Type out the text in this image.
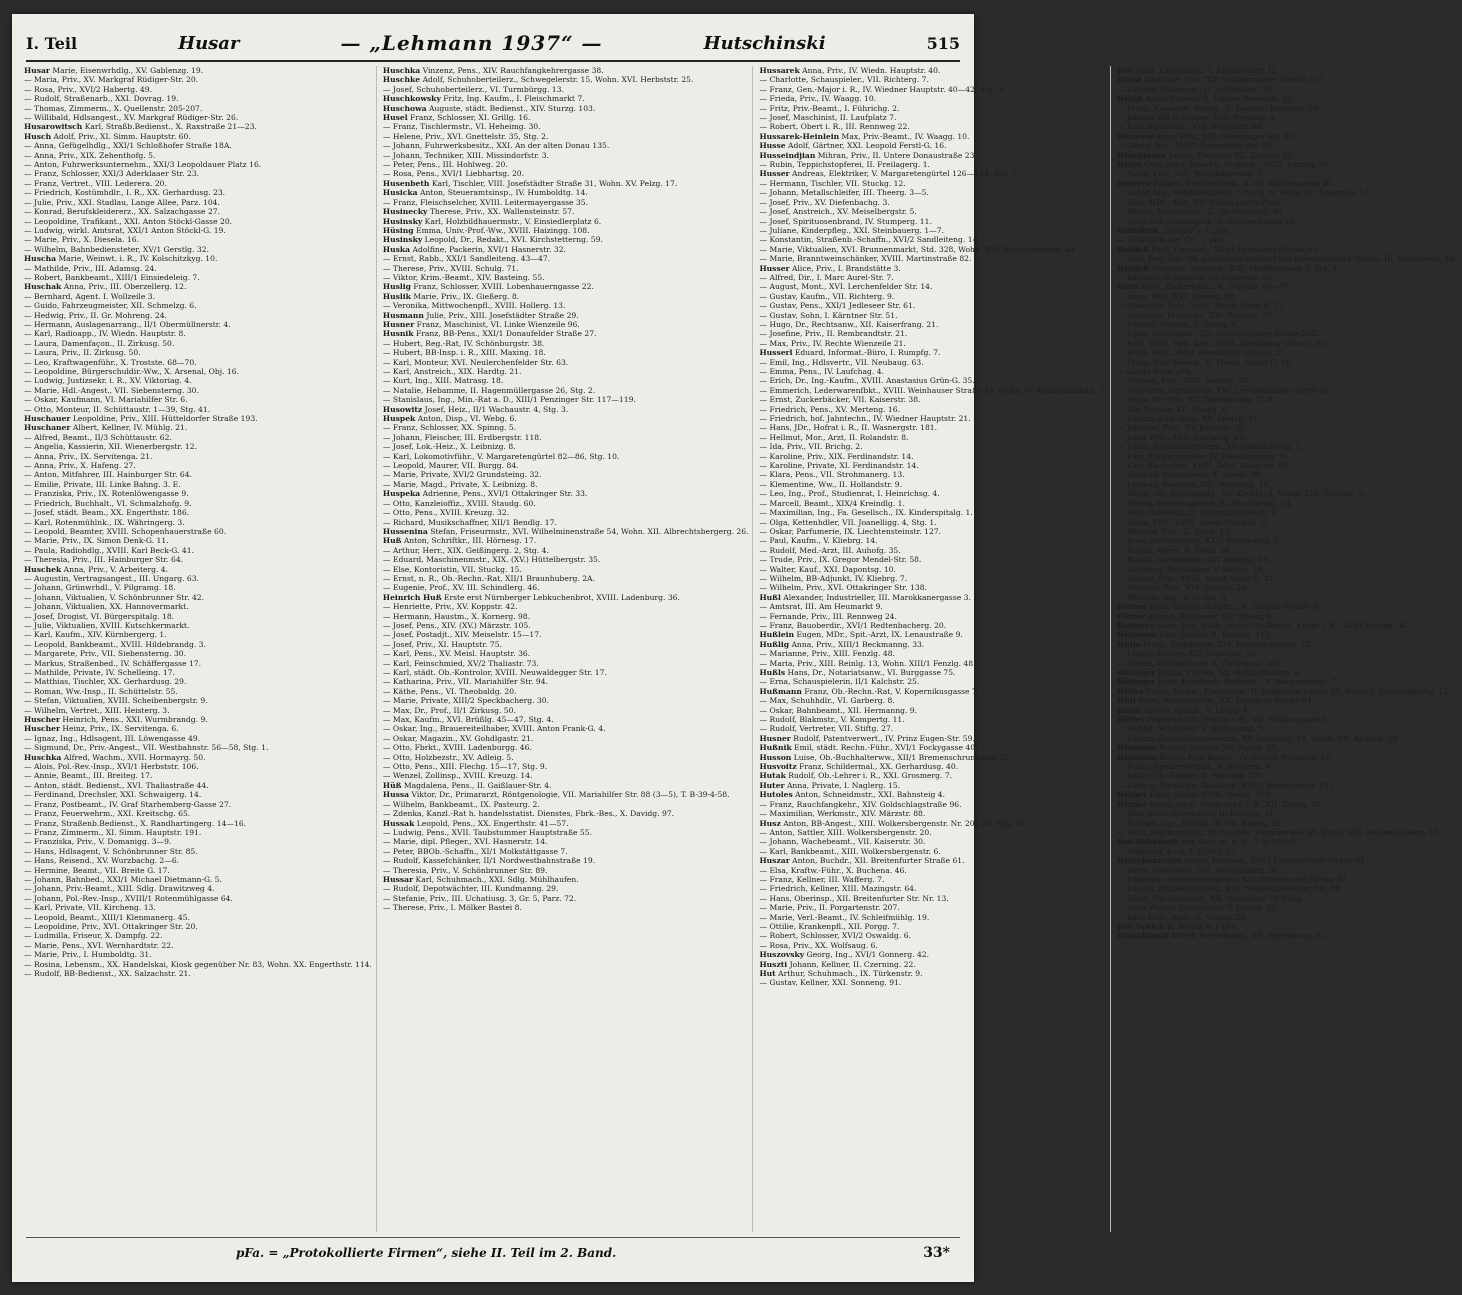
I. Teil	Husar	— „Lehmann 1937“ —	Hutschinski	515
Husar Marie, Eisenwrhdlg., XV. Gablenzg. 19.
— Maria, Priv., XV. Markgraf Rüdiger-Str. 20.
— Rosa, Priv., XVI/2 Habertg. 49.
— Rudolf, Straßenarb., XXI. Dovrag. 19.
— Thomas, Zimmerm., X. Quellenstr. 205-207.
— Willibald, Hdlsangest., XV. Markgraf Rüdiger-Str. 26.
Husarowitsch Karl, Straßb.Bedienst., X. Raxstraße 21—23.
Husch Adolf, Priv., XI. Simm. Hauptstr. 60.
— Anna, Gefügelhdlg., XXI/1 Schloßhofer Straße 18A.
— Anna, Priv., XIX. Zehenthofg. 5.
— Anton, Fuhrwerksunternehm., XXI/3 Leopoldauer Platz 16.
— Franz, Schlosser, XXI/3 Aderklaaer Str. 23.
— Franz, Vertret., VIII. Lederera. 20.
— Friedrich, Kostümhdlr., I. R., XX. Gerhardusg. 23.
— Julie, Priv., XXI. Stadlau, Lange Allee, Parz. 104.
— Konrad, Berufskleidererz., XX. Salzachgasse 27.
— Leopoldine, Trafikant., XXI. Anton Stöckl-Gasse 20.
— Ludwig, wirkl. Amtsrat, XXI/1 Anton Stöckl-G. 19.
— Marie, Priv., X. Diesela. 16.
— Wilhelm, Bahnbediensteter, XV/1 Gerstlg. 32.
Huscha Marie, Weinwt. i. R., IV. Kolschitzkyg. 10.
— Mathilde, Priv., III. Adamsg. 24.
— Robert, Bankbeamt., XIII/1 Einsiedeleig. 7.
Huschak Anna, Priv., III. Oberzellerg. 12.
— Bernhard, Agent. I. Wollzeile 3.
— Guido, Fahrzeugmeister, XII. Schmelzg. 6.
— Hedwig, Priv., II. Gr. Mohreng. 24.
— Hermann, Auslagenarrang., II/1 Obermüllnerstr. 4.
— Karl, Radioapp., IV. Wiedn. Hauptstr. 8.
— Laura, Damenfaçon., II. Zirkusg. 50.
— Laura, Priv., II. Zirkusg. 50.
— Leo, Kraftwagenführ., X. Trostste. 68—70.
— Leopoldine, Bürgerschuldir.-Ww., X. Arsenal, Obj. 16.
— Ludwig, Justizsekr. i. R., XV. Viktoriag. 4.
— Marie, Hdl.-Angest., VII. Siebensterng. 30.
— Oskar, Kaufmann, VI. Mariahilfer Str. 6.
— Otto, Monteur, II. Schüttaustr. 1—39, Stg. 41.
Huschauer Leopoldine, Priv., XIII. Hütteldorfer Straße 193.
Huschaner Albert, Kellner, IV. Mühlg. 21.
— Alfred, Beamt., II/3 Schüttaustr. 62.
— Angelia, Kassierin, XII. Wienerbergstr. 12.
— Anna, Priv., IX. Servitenga. 21.
— Anna, Priv., X. Hafeng. 27.
— Anton, Mitfahrer, III. Hainburger Str. 64.
— Emilie, Private, III. Linke Bahng. 3. E.
— Franziska, Priv., IX. Rotenlöwengasse 9.
— Friedrich, Buchhalt., VI. Schmalzhofg. 9.
— Josef, städt. Beam., XX. Engerthstr. 186.
— Karl, Rotenmühlnk., IX. Währingerg. 3.
— Leopold, Beamter, XVIII. Schopenhauerstraße 60.
— Marie, Priv., IX. Simon Denk-G. 11.
— Paula, Radiohdlg., XVIII. Karl Beck-G. 41.
— Theresia, Priv., III. Hainburger Str. 64.
Huschek Anna, Priv., V. Arbeiterg. 4.
— Augustin, Vertragsangest., III. Ungarg. 63.
— Johann, Grünwrhdl., V. Pilgramg. 18.
— Johann, Viktualien, V. Schönbrunner Str. 42.
— Johann, Viktualien, XX. Hannovermarkt.
— Josef, Drogist, VI. Bürgerspitalg. 18.
— Julie, Viktualien, XVIII. Kutschkermarkt.
— Karl, Kaufm., XIV. Kürnbergerg. 1.
— Leopold, Bankbeamt., XVIII. Hildebrandg. 3.
— Margarete, Priv., VII. Siebensterng. 30.
— Markus, Straßenbed., IV. Schäffergasse 17.
— Mathilde, Private, IV. Schelleing. 17.
— Matthias, Tischler, XX. Gerhardusg. 29.
— Roman, Ww.-Insp., II. Schüttelstr. 55.
— Stefan, Viktualien, XVIII. Scheibenbergstr. 9.
— Wilhelm, Vertret., XIII. Heisterg. 3.
Huscher Heinrich, Pens., XXI. Wurmbrandg. 9.
Huscher Heinz, Priv., IX. Servitenga. 6.
— Ignaz, Ing., Hdlsagent, III. Löwengasse 49.
— Sigmund, Dr., Priv.-Angest., VII. Westbahnstr. 56—58, Stg. 1.
Huschka Alfred, Wachm., XVII. Hormayrg. 50.
— Alois, Pol.-Rev.-Insp., XVI/1 Herbststr. 106.
— Annie, Beamt., III. Breiteg. 17.
— Anton, städt. Bedienst., XVI. Thaliastraße 44.
— Ferdinand, Drechsler, XXI. Schwaigerg. 14.
— Franz, Postbeamt., IV. Graf Starhemberg-Gasse 27.
— Franz, Feuerwehrm., XXI. Kreitschg. 65.
— Franz, Straßenb.Bedienst., X. Randhartingerg. 14—16.
— Franz, Zimmerm., XI. Simm. Hauptstr. 191.
— Franziska, Priv., V. Domanigg. 3—9.
— Hans, Hdlsagent, V. Schönbrunner Str. 85.
— Hans, Reisend., XV. Wurzbachg. 2—6.
— Hermine, Beamt., VII. Breite G. 17.
— Johann, Bahnbed., XXI/1 Michael Dietmann-G. 5.
— Johann, Priv.-Beamt., XIII. Sdlg. Drawitzweg 4.
— Johann, Pol.-Rev.-Insp., XVIII/1 Rotenmühlgasse 64.
— Karl, Private, VII. Kircheng. 13.
— Leopold, Beamt., XIII/1 Klenmanerg. 45.
— Leopoldine, Priv., XVI. Ottakringer Str. 20.
— Ludmilla, Friseur, X. Dampfg. 22.
— Marie, Pens., XVI. Wernhardtstr. 22.
— Marie, Priv., I. Humboldtg. 31.
— Rosina, Lebensm., XX. Handelskai, Kiosk gegenüber Nr. 83, Wohn. XX. Engerthstr. 114.
— Rudolf, BB-Bedienst., XX. Salzachstr. 21.
Huschka Vinzenz, Pens., XIV. Rauchfangkehrergasse 38.
Huschke Adolf, Schuhoberteilerz., Schwegelerstr. 15, Wohn. XVI. Herbststr. 25.
— Josef, Schuhoberteilerz., VI. Turmbürgg. 13.
Huschkowsky Fritz, Ing. Kaufm., I. Fleischmarkt 7.
Huschowa Auguste, städt. Bedienst., XIV. Sturzg. 103.
Husel Franz, Schlosser, XI. Grillg. 16.
— Franz, Tischlermstr., VI. Heheimg. 30.
— Helene, Priv., XVI. Gnettelstr. 35, Stg. 2.
— Johann, Fuhrwerksbesitz., XXI. An der alten Donau 135.
— Johann, Techniker, XIII. Missindorfstr. 3.
— Peter, Pens., III. Hohlweg. 20.
— Rosa, Pens., XVI/1 Liebhartsg. 20.
Husenbeth Karl, Tischler, VIII. Josefstädter Straße 31, Wohn. XV. Pelzg. 17.
Husicka Anton, Steueramtsinsp., IV. Humboldtg. 14.
— Franz, Fleischselcher, XVIII. Leitermayergasse 35.
Husinecky Therese, Priv., XX. Wallensteinstr. 57.
Husinsky Karl, Holzbildhauermstr., V. Einsiedlerplatz 6.
Hüsing Emma, Univ.-Prof.-Ww., XVIII. Haizingg. 108.
Husinsky Leopold, Dr., Redakt., XVI. Kirchstetterng. 59.
Huska Adolfine, Packerin, XVI/1 Hasnerstr. 32.
— Ernst, Rabb., XXI/1 Sandleiteng. 43—47.
— Therese, Priv., XVIII. Schulg. 71.
— Viktor, Krim.-Beamt., XIV. Basteing. 55.
Huslig Franz, Schlosser, XVIII. Lobenhauerngasse 22.
Huslik Marie, Priv., IX. Gießerg. 8.
— Veronika, Mittwochenpfl., XVIII. Hollerg. 13.
Husmann Julie, Priv., XIII. Josefstädter Straße 29.
Husner Franz, Maschinist, VI. Linke Wienzeile 96.
Husnik Franz, BB-Pens., XXI/1 Donaufelder Straße 27.
— Hubert, Reg.-Rat, IV. Schönburgstr. 38.
— Hubert, BB-Insp. i. R., XIII. Maxing. 18.
— Karl, Monteur, XVI. Neulerchenfelder Str. 63.
— Karl, Anstreich., XIX. Hardtg. 21.
— Kurt, Ing., XIII. Matrasg. 18.
— Natalie, Hebamme, II. Hagenmüllergasse 26, Stg. 2.
— Stanislaus, Ing., Min.-Rat a. D., XIII/1 Penzinger Str. 117—119.
Husowitz Josef, Heiz., II/1 Wachaustr. 4, Stg. 3.
Huspek Anton, Disp., VI. Webg. 6.
— Franz, Schlosser, XX. Spinng. 5.
— Johann, Fleischer, III. Erdbergstr. 118.
— Josef, Lok.-Heiz., X. Leibnizg. 8.
— Karl, Lokomotivführ., V. Margaretengürtel 82—86, Stg. 10.
— Leopold, Maurer, VII. Burgg. 84.
— Marie, Private, XVI/2 Grundsteing. 32.
— Marie, Magd., Private, X. Leibnizg. 8.
Huspeka Adrienne, Pens., XVI/1 Ottakringer Str. 33.
— Otto, Kanzleioffiz., XVIII. Staudg. 60.
— Otto, Pens., XVIII. Kreuzg. 32.
— Richard, Musikschaffner, XII/1 Bendlg. 17.
Hussenina Stefan, Friseurmstr., XVI. Wilhelminenstraße 54, Wohn. XII. Albrechtsbergerg. 26.
Huß Anton, Schriftkr., III. Hörnesg. 17.
— Arthur, Herr., XIX. Geißingerg. 2, Stg. 4.
— Eduard, Maschinenmstr., XIX. (XV.) Hüttelbergstr. 35.
— Else, Kontoristin, VII. Stuckg. 15.
— Ernst, n. R., Ob.-Rechn.-Rat, XII/1 Braunhuberg. 2A.
— Eugenie, Prof., XV. III. Schindlerg. 46.
Heinrich Huß Erste erst Nürnberger Lebkuchenbrot, XVIII. Ladenburg. 36.
— Henriette, Priv., XV. Koppstr. 42.
— Hermann, Haustm., X. Kornerg. 98.
— Josef, Pens., XIV. (XV.) Märzstr. 105.
— Josef, Postadjt., XIV. Meiselstr. 15—17.
— Josef, Priv., XI. Hauptstr. 75.
— Karl, Pens., XV. Meisl. Hauptstr. 36.
— Karl, Feinschmied, XV/2 Thaliastr. 73.
— Karl, städt. Ob.-Kontrolor, XVIII. Neuwaldegger Str. 17.
— Katharina, Priv., VII. Mariahilfer Str. 94.
— Käthe, Pens., VI. Theobaldg. 20.
— Marie, Private, XIII/2 Speckbacherg. 30.
— Max, Dr., Prof., II/1 Zirkusg. 50.
— Max, Kaufm., XVI. Brüßlg. 45—47, Stg. 4.
— Oskar, Ing., Brauereiteilhaber, XVIII. Anton Frank-G. 4.
— Oskar, Magazin., XV. Gohdlgastr. 21.
— Otto, Fbrkt., XVIII. Ladenburgg. 46.
— Otto, Holzbezstr., XV. Adleig. 5.
— Otto, Pens., XIII. Flechg. 15—17, Stg. 9.
— Wenzel, Zollinsp., XVIII. Kreuzg. 14.
Hüß Magdalena, Pens., II. Gaißlauer-Str. 4.
Hussa Viktor, Dr., Primararzt, Röntgenologie, VII. Mariahilfer Str. 88 (3—5), T. B-39-4-58.
— Wilhelm, Bankbeamt., IX. Pasteurg. 2.
— Zdenka, Kanzl.-Rat h. handelsstatist. Dienstes, Fbrk.-Bes., X. Davidg. 97.
Hussak Leopold, Pens., XX. Engerthstr. 41—57.
— Ludwig, Pens., XVII. Taubstummer Hauptstraße 55.
— Marie, dipl. Pfleger., XVI. Hasnerstr. 14.
— Peter, BBOb.-Schaffn., XI/1 Molkstättgasse 7.
— Rudolf, Kassefchänker, II/1 Nordwestbahnstraße 19.
— Theresia, Priv., V. Schönbrunner Str. 89.
Hussar Karl, Schuhmach., XXI. Sdlg. Mühlhaufen.
— Rudolf, Depotwächter, III. Kundmanng. 29.
— Stefanie, Priv., III. Uchatiusg. 3, Gr. 5, Parz. 72.
— Therese, Priv., I. Mölker Bastei 8.
Hussarek Anna, Priv., IV. Wiedn. Hauptstr. 40.
— Charlotte, Schauspieler., VII. Richterg. 7.
— Franz, Gen.-Major i. R., IV. Wiedner Hauptstr. 40—42, Stg. 3.
— Frieda, Priv., IV. Waagg. 10.
— Fritz, Priv.-Beamt., I. Führichg. 2.
— Josef, Maschinist, II. Laufplatz 7.
— Robert, Obert i. R., III. Rennweg 22.
Hussarek-Heinlein Max, Priv.-Beamt., IV. Waagg. 10.
Husse Adolf, Gärtner, XXI. Leopold Ferstl-G. 16.
Husseindjian Mihran, Priv., II. Untere Donaustraße 23.
— Rubin, Teppichstopferei, II. Freilagerg. 1.
Husser Andreas, Elektriker, V. Margaretengürtel 126—134, Stg. 7.
— Hermann, Tischler, VII. Stuckg. 12.
— Johann, Metallschleifer, III. Theerg. 3—5.
— Josef, Priv., XV. Diefenbachg. 3.
— Josef, Anstreich., XV. Meiselbergstr. 5.
— Josef, Spirituosenbrand, IV. Stumperg. 11.
— Juliane, Kinderpfleg., XXI. Steinbauerg. 1—7.
— Konstantin, Straßenb.-Schaffn., XVI/2 Sandleiteng. 14.
— Marie, Viktualien, XVI. Brunnenmarkt, Std. 328, Wohn. XVI. Kirchstetterng. 44.
— Marie, Branntweinschänker, XVIII. Martinstraße 82.
Husser Alice, Priv., I. Brandstätte 3.
— Alfred, Dir., I. Marc Aurel-Str. 7.
— August, Mont., XVI. Lerchenfelder Str. 14.
— Gustav, Kaufm., VII. Richterg. 9.
— Gustav, Pens., XXI/1 Jedleseer Str. 61.
— Gustav, Sohn, I. Kärntner Str. 51.
— Hugo, Dr., Rechtsanw., XII. Kaiserfrang. 21.
— Josefine, Priv., II. Rembrandtstr. 21.
— Max, Priv., IV. Rechte Wienzeile 21.
Husserl Eduard, Informat.-Büro, I. Rumpfg. 7.
— Emil, Ing., Hdlsvertr., VII. Neubaug. 63.
— Emma, Pens., IV. Laufchag. 4.
— Erich, Dr., Ing.-Kaufm., XVIII. Anastasius Grün-G. 35.
— Emmerich, Lederwarenfbkt., XVIII. Weinhauser Straße 13, Wohn. IV. Kleinschmiedg. 3.
— Ernst, Zuckerbäcker, VII. Kaiserstr. 38.
— Friedrich, Pens., XV. Merteng. 16.
— Friedrich, hof. Jahntechn., IV. Wiedner Hauptstr. 21.
— Hans, JDr., Hofrat i. R., II. Wasnergstr. 181.
— Hellmut, Mor., Arzt, II. Rolandstr. 8.
— Ida, Priv., VII. Brichg. 2.
— Karoline, Priv., XIX. Ferdinandstr. 14.
— Karoline, Private, XI. Ferdinandstr. 14.
— Klara, Pens., VII. Strohmanerg. 13.
— Klementine, Ww., II. Hollandstr. 9.
— Leo, Ing., Prof., Studienrat, I. Heinrichsg. 4.
— Marcell, Beamt., XIX/4 Kreindlg. 1.
— Maximilian, Ing., Fa. Gesellsch., IX. Kinderspitalg. 1.
— Olga, Kettenhdler, VII. Joanelligg. 4, Stg. 1.
— Oskar, Parfumerie, IX. Liechtensteinstr. 127.
— Paul, Kaufm., V. Kliebrg. 14.
— Rudolf, Med.-Arzt, III. Auhofg. 35.
— Trude, Priv., IX. Gregor Mendel-Str. 58.
— Walter, Kauf., XXI. Dapontsg. 10.
— Wilhelm, BB-Adjunkt, IV. Kliebrg. 7.
— Wilhelm, Priv., XVI. Ottakringer Str. 138.
Hußl Alexander, Industrieller, III. Marokkanergasse 3.
— Amtsrat, III. Am Heumarkt 9.
— Fernande, Priv., III. Rennweg 24.
— Franz, Bauoberdir., XVI/1 Redtenbacherg. 20.
Hußlein Eugen, MDr., Spit.-Arzt, IX. Lenaustraße 9.
Hußlig Anna, Priv., XIII/1 Beckmanng. 33.
— Marianne, Priv., XIII. Fenzlg. 48.
— Maria, Priv., XIII. Reinlg. 13, Wohn. XIII/1 Fenzlg. 48.
Hußls Hans, Dr., Notariatsanw., VI. Burggasse 75.
— Erna, Schauspielerin, II/1 Kalchstr. 25.
Hußmann Franz, Ob.-Rechn.-Rat, V. Kopernikusgasse 7.
— Max, Schuhhdlr., VI. Garberg. 8.
— Oskar, Bahnbeamt., XII. Hermanng. 9.
— Rudolf, Blakmstr., V. Kompertg. 11.
— Rudolf, Vertreter, VII. Stiftg. 27.
Husner Rudolf, Patentverwert., IV. Prinz Eugen-Str. 59.
Hußnik Emil, städt. Rechn.-Führ., XVI/1 Fockygasse 40.
Husson Luise, Ob.-Buchhalterww., XII/1 Bremenschrungasse 29.
Husvoitz Franz, Schildermal., XX. Gerhardusg. 40.
Hutak Rudolf, Ob.-Lehrer i. R., XXI. Grosmerg. 7.
Huter Anna, Private, I. Naglerg. 15.
Hutoles Anton, Schneidmstr., XXI. Bahnsteig 4.
— Franz, Rauchfangkehr., XIV. Goldschlagstraße 96.
— Maximilian, Werkmstr., XIV. Märzstr. 88.
Husz Anton, BB-Angest., XIII. Wolkersbergenstr. Nr. 20—24, Stg. 16.
— Anton, Sattler, XIII. Wolkersbergenstr. 20.
— Johann, Wachebeamt., VII. Kaiserstr. 30.
— Karl, Bankbeamt., XIII. Wolkersbergenstr. 6.
Huszar Anton, Buchdr., XII. Breitenfurter Straße 61.
— Elsa, Kraftw.-Führ., X. Buchena. 46.
— Franz, Kellner, III. Wafferg. 7.
— Friedrich, Kellner, XIII. Mazingstr. 64.
— Hans, Oberinsp., XII. Breitenfurter Str. Nr. 13.
— Marie, Priv., II. Porgartenstr. 207.
— Marie, Verl.-Beamt., IV. Schleifmühlg. 19.
— Ottilie, Krankenpfl., XII. Porgg. 7.
— Robert, Schlosser, XVI/2 Oswaldg. 6.
— Rosa, Priv., XX. Wolfsaug. 6.
Huszovsky Georg, Ing., XVI/1 Gonnerg. 42.
Huszti Johann, Kellner, II. Czerning. 22.
Hut Arthur, Schuhmach., IX. Türkenstr. 9.
— Gustav, Kellner, XXI. Sonneng. 91.
Hut Josef, Kanzleigeh., I. Elisabethstr. 15.
Hutaf Albertine, Priv., XII. Schönbrunner Straße 157.
— Ludwig, Buchbind., II. Schüttelstr. 39.
Hutak Artur, Friseur, II. Untere Donaustr. 23.
— Franz, Kassenvr. Beamt., II. Landstr. Hauptstr. 69.
— Johann, BB-Schlosser, XXI. Wernblg. 4.
— Karl, Bautechn., XVI. Herbststr. 44.
Hutarew Anna, Priv., XIX. Sieveringer Str. 90.
— Georg, Ing., XIX/3 Sieveringer Str. 90.
Hutchinson James, Prediger, VII. Ziegler. 35.
Huter Otto, akad. Maler u. Graphik., XVIII. Sarzeg. 50.
— Paula, Priv., XVI. Wilhelminenstr. 7.
Huterer Eduard, Friedhofbien., II. Gr. Mohrengasse 40.
— Isidor, Ing., Realitätenbüro, I. Postg. 6, Wohn. IX. Frasensg. 17.
— Max, MDr., Arzt, VII. Urban Loritz-Platz 7.
— Moritz, Hdlsangest., II. Gr. Mohreng. 40.
— Siegfried, Hdlsangest., II. Sternechplatz 10.
Hutfabrik „Severa“ r. f. pFa.
— Hutfabrik Lief Co., I. pFa.
Hutfleß Paul, Tierwärt., XIII/1 Penzinger Straße 63.
— Paul, Reg.-Rat, Ob.-Landwirtschaftsrat des Kriegsgeschäd.-Fonds, III. Gestetteng. 4A.
Hutfleß Hermine, Zuckerb., XIII. Mauffengasse 8, Stg. 8.
— Karoline, Schneider, XV. Zelberstr. 28.
Huth Alois, Zuckerbäck., X. Troststr. 68—70.
— Anna, Priv., XVI. Speerg. 28.
— Charlotte, Priv., XVIII. Anast.-Grün-G. 21.
— Dorothea, Mustlehr., XXI. Wninng. 37.
— Eduard, Drogist, V. Grohg. 9.
— Egon, Schuhmstr., XII. Schönbrunner Straße 262.
— Emil, MDr., Spit.-Arzt, XVIII. Anastasius Grün-G. 35.
— Erich, Priv., XVIII. Anastasius Grün-G. 21.
— Franz, Priv.-Beamt., X. Theod. Sickel-G. 16.
— Gisela Ruth, pFa.
— Hedwig, Priv., XVII. Skodag. 24.
— Henriette, Parfümerie, XVI. Lerchenfelder Gürtel 31.
— Hugo, Dr.-Priv., XV. Tauterbachg. 2—8.
— Ida, Private, XII. Bonyg. 6.
— Johann, Kan.-Insp., XV. Sperrg. 21.
— Johanna, Priv., XV. Kelleng. 28.
— Josef, Priv., XVII. Florianig. 43.
— Julius, Schuhoberteilerz., XV. Dingelstedtg. 3.
— Karl, Kleidermacher, IV. Fleischmanng. 9.
— Karl, Kaufmann, XVIII. Döbl. Hauptstr. 98.
— Leopold, Magazineur, X. Laedg. 88.
— Leopold, Beamter, XIII. Wiggerlg. 10.
— Marie, Dr., Schrmnadg., XV. Kleistg. 3, Wohn. XIII. Trouslg. 5.
— Moritz, Reiseinspektor, IV. Blechturmg. 24.
— Paul, Schweitr., II. Afrernbrückenstr. 2.
— Paula, Priv., XVIII. Anast.-Grün-G. 21.
— Richard, Priv., II. Enng. 15.
— Rosa, Buchhalterin, XX/2 Schinnaglg. 6.
— Rudolf, Agent, X. Zeltg. 34.
— Rudolf, Dienstmann, II/1 Rueppg. 10.
— Siegfried, Buchhalter, V. Wehrg. 29.
— Sophie, Priv., XVIII. Anast.-Grün-G. 21.
— Stefanie, Priv., XVI. Speerg. 28.
— Wilhelm, Ing., V. Grohg. 9.
Huther Josef, Straßb.-Schaffn., X. Triester Straße 9.
Hütter Johann, Bildhauer, XIV. Pillerg 4.
Hutterer Hans, Ing., städt. techn. Ob.-Revid., Leute i. R., XIII/1 Stauzg. 46.
Hütmann Karl, Dreher, X. Kelterg. 115.
Hutla Franz, Stukkateur, XVI. Kalvarienbergg. 72.
— Lebert, Bäcker, XIV. Meiselstr. 35.
— Stefan, BB-Schlosser, X. Gudrunstr. 166.
Hutinger Hanni, Private, XX. Heinzelmanng. 6.
Hütinger Josef, Krankenb.-Bedienst., V. Margaretenpl. 7.
Hutka Franz, Archit., Fliesenerz., II. Erdberger Lände 20, Wohn. I. Himmelpfortg. 12.
Hütl Adolf, Bürstenmchr., XX. Dresdner Straße 91.
Hutla Gustav, Beamt., V. Lehrg. 4.
Hütler Friedrich, Ob.-Faktor i. R., VII. Neubaugasse 5.
— Bertha, Schneider, V. Hartmanng. 3.
— Johann, Bronzebijouterieerz., XV. Luftbadg. 12, Wohn. VII. Apollog. 20.
Hutmann Robert, Kellner, XII. Rotog. 28.
Hutmann Bruno, Priv.-Beamt., IV. Rechte Wienzeile 15.
— Franz, Spezereiwrhdl., X. Buchena. 4.
— Julius, Ob.-Kellner, II. Rovarag. 53.
— Ludwig, Straßenb.-Bedienst., XIII/1 Vorgartenstr. 171.
Hutner Hans, Maler, XVIII. Genzg. 160.
Hütner Ignaz, städt. Verw.-Sekr. i. R., XII. Zeidlg. 26.
— Max, städt. Oberlehrer, II. Parichg. 31.
— Richard, Ing., Hofrat, III. Ob. Bahng. 22.
— Rosa, Milchverschl., III. Landstr. Hauptstraße 98, Wohn. XIII. Meßenhauserg. 13.
Hut-Rohfabrik reg. Gen. m. b. H., I. U-39-5-57.
— Hägeling, 4—6, T. U-39-5-57.
Hutschenreiter Anton, Modewr., XVI/1 Leitnerfelder Straße 91.
— Berta, Oberstww., VII. Westbahnstr. 58.
— Elisabeth, Schneiderzugeber, XVI. Ottakringer Straße 91.
— Johann, Bürgerschulehr., XVI. Neulerchenfelder Str. 60.
— Ernst, Ob.-Buchhalt., XX. Gaußplatz 78, Ckrg.
— Hans Walter, Kapellmstr., V. Wehrg. 26.
— Karl, MDr., Arzt, IX. Wasag. 28.
Hut Schick W. Schick & f. pFa.
Hutschinski Alfred, Betriebsing., XII. Jägerhausg. 31.
pFa. = „Protokollierte Firmen“, siehe II. Teil im 2. Band.	33*
